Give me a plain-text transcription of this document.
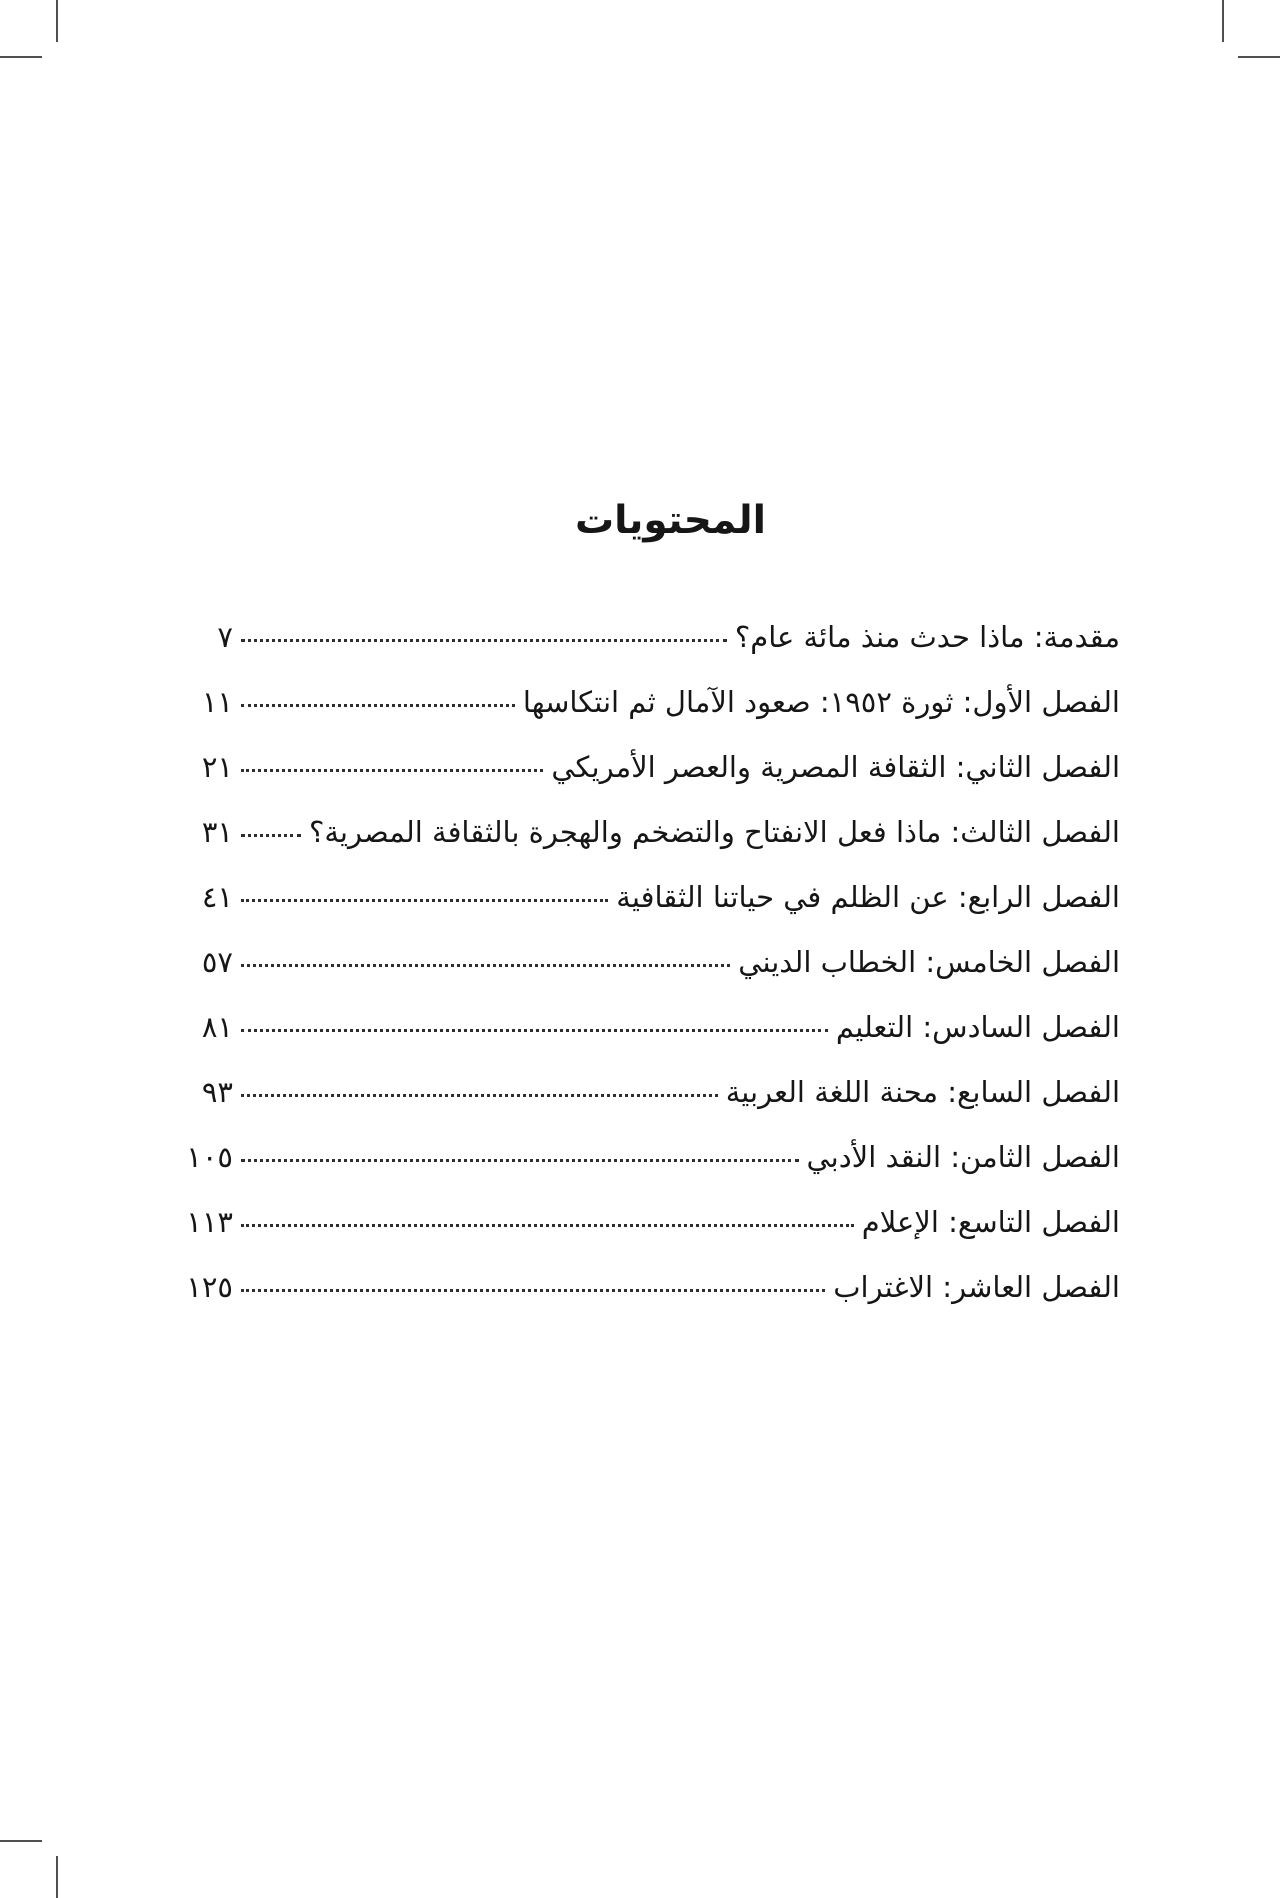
المحتويات
مقدمة: ماذا حدث منذ مائة عام؟
٧
الفصل الأول: ثورة ١٩٥٢: صعود الآمال ثم انتكاسها
١١
الفصل الثاني: الثقافة المصرية والعصر الأمريكي
٢١
الفصل الثالث: ماذا فعل الانفتاح والتضخم والهجرة بالثقافة المصرية؟
٣١
الفصل الرابع: عن الظلم في حياتنا الثقافية
٤١
الفصل الخامس: الخطاب الديني
٥٧
الفصل السادس: التعليم
٨١
الفصل السابع: محنة اللغة العربية
٩٣
الفصل الثامن: النقد الأدبي
١٠٥
الفصل التاسع: الإعلام
١١٣
الفصل العاشر: الاغتراب
١٢٥
